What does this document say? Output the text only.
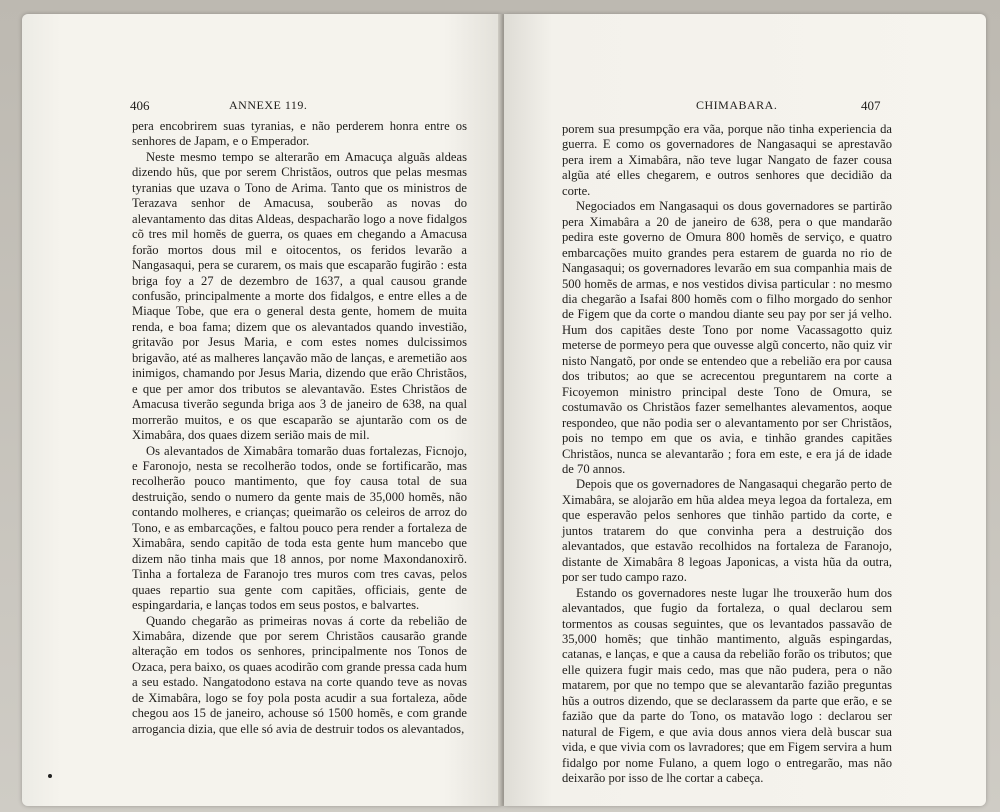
406	ANNEXE 119.

pera encobrirem suas tyranias, e não perderem honra entre os senhores de Japam, e o Emperador.

Neste mesmo tempo se alterarão em Amacuça alguãs aldeas dizendo hũs, que por serem Christãos, outros que pelas mesmas tyranias que uzava o Tono de Arima. Tanto que os ministros de Terazava senhor de Amacusa, souberão as novas do alevantamento das ditas Aldeas, despacharão logo a nove fidalgos cõ tres mil homẽs de guerra, os quaes em chegando a Amacusa forão mortos dous mil e oitocentos, os feridos levarão a Nangasaqui, pera se curarem, os mais que escaparão fugirão : esta briga foy a 27 de dezembro de 1637, a qual causou grande confusão, principalmente a morte dos fidalgos, e entre elles a de Miaque Tobe, que era o general desta gente, homem de muita renda, e boa fama; dizem que os alevantados quando investião, gritavão por Jesus Maria, e com estes nomes dulcissimos brigavão, até as malheres lançavão mão de lanças, e aremetião aos inimigos, chamando por Jesus Maria, dizendo que erão Christãos, e que per amor dos tributos se alevantavão. Estes Christãos de Amacusa tiverão segunda briga aos 3 de janeiro de 638, na qual morrerão muitos, e os que escaparão se ajuntarão com os de Ximabâra, dos quaes dizem serião mais de mil.

Os alevantados de Ximabâra tomarão duas fortalezas, Ficnojo, e Faronojo, nesta se recolherão todos, onde se fortificarão, mas recolherão pouco mantimento, que foy causa total de sua destruição, sendo o numero da gente mais de 35,000 homẽs, não contando molheres, e crianças; queimarão os celeiros de arroz do Tono, e as embarcações, e faltou pouco pera render a fortaleza de Ximabâra, sendo capitão de toda esta gente hum mancebo que dizem não tinha mais que 18 annos, por nome Maxondanoxirõ. Tinha a fortaleza de Faranojo tres muros com tres cavas, pelos quaes repartio sua gente com capitães, officiais, gente de espingardaria, e lanças todos em seus postos, e balvartes.

Quando chegarão as primeiras novas á corte da rebelião de Ximabâra, dizende que por serem Christãos causarão grande alteração em todos os senhores, principalmente nos Tonos de Ozaca, pera baixo, os quaes acodirão com grande pressa cada hum a seu estado. Nangatodono estava na corte quando teve as novas de Ximabâra, logo se foy pola posta acudir a sua fortaleza, aõde chegou aos 15 de janeiro, achouse só 1500 homẽs, e com grande arrogancia dizia, que elle só avia de destruir todos os alevantados,

CHIMABARA.	407

porem sua presumpção era vãa, porque não tinha experiencia da guerra. E como os governadores de Nangasaqui se aprestavão pera irem a Ximabâra, não teve lugar Nangato de fazer cousa algũa até elles chegarem, e outros senhores que decidião da corte.

Negociados em Nangasaqui os dous governadores se partirão pera Ximabâra a 20 de janeiro de 638, pera o que mandarão pedira este governo de Omura 800 homẽs de serviço, e quatro embarcações muito grandes pera estarem de guarda no rio de Nangasaqui; os governadores levarão em sua companhia mais de 500 homẽs de armas, e nos vestidos divisa particular : no mesmo dia chegarão a Isafai 800 homẽs com o filho morgado do senhor de Figem que da corte o mandou diante seu pay por ser já velho. Hum dos capitães deste Tono por nome Vacassagotto quiz meterse de pormeyo pera que ouvesse algũ concerto, não quiz vir nisto Nangatõ, por onde se entendeo que a rebelião era por causa dos tributos; ao que se acrecentou preguntarem na corte a Ficoyemon ministro principal deste Tono de Omura, se costumavão os Christãos fazer semelhantes alevamentos, aoque respondeo, que não podia ser o alevantamento por ser Christãos, pois no tempo em que os avia, e tinhão grandes capitães Christãos, nunca se alevantarão ; fora em este, e era já de idade de 70 annos.

Depois que os governadores de Nangasaqui chegarão perto de Ximabâra, se alojarão em hũa aldea meya legoa da fortaleza, em que esperavão pelos senhores que tinhão partido da corte, e juntos tratarem do que convinha pera a destruição dos alevantados, que estavão recolhidos na fortaleza de Faranojo, distante de Ximabâra 8 legoas Japonicas, a vista hũa da outra, por ser tudo campo razo.

Estando os governadores neste lugar lhe trouxerão hum dos alevantados, que fugio da fortaleza, o qual declarou sem tormentos as cousas seguintes, que os levantados passavão de 35,000 homẽs; que tinhão mantimento, alguãs espingardas, catanas, e lanças, e que a causa da rebelião forão os tributos; que elle quizera fugir mais cedo, mas que não pudera, pera o não matarem, por que no tempo que se alevantarão fazião preguntas hũs a outros dizendo, que se declarassem da parte que erão, e se fazião que da parte do Tono, os matavão logo : declarou ser natural de Figem, e que avia dous annos viera delà buscar sua vida, e que vivia com os lavradores; que em Figem servira a hum fidalgo por nome Fulano, a quem logo o entregarão, mas não deixarão por isso de lhe cortar a cabeça.
